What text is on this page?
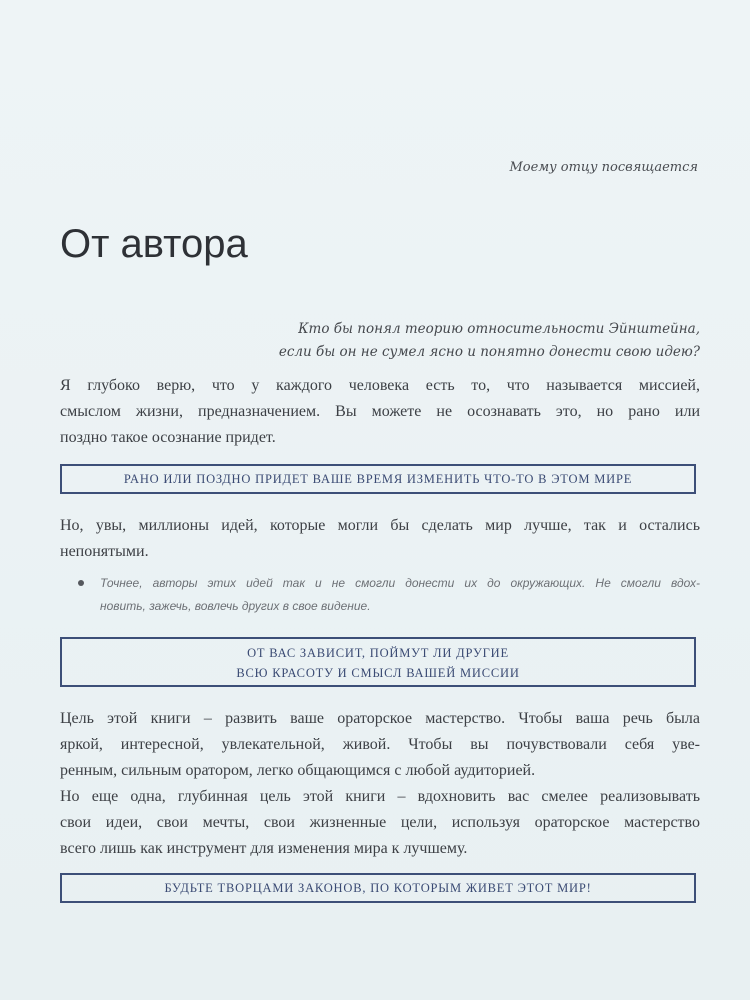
Моему отцу посвящается
От автора
Кто бы понял теорию относительности Эйнштейна,
если бы он не сумел ясно и понятно донести свою идею?

Я глубоко верю, что у каждого человека есть то, что называется миссией,
смыслом жизни, предназначением. Вы можете не осознавать это, но рано или
поздно такое осознание придет.

РАНО ИЛИ ПОЗДНО ПРИДЕТ ВАШЕ ВРЕМЯ ИЗМЕНИТЬ ЧТО-ТО В ЭТОМ МИРЕ

Но, увы, миллионы идей, которые могли бы сделать мир лучше, так и остались
непонятыми.

Точнее, авторы этих идей так и не смогли донести их до окружающих. Не смогли вдох-
новить, зажечь, вовлечь других в свое видение.
ОТ ВАС ЗАВИСИТ, ПОЙМУТ ЛИ ДРУГИЕ
ВСЮ КРАСОТУ И СМЫСЛ ВАШЕЙ МИССИИ

Цель этой книги – развить ваше ораторское мастерство. Чтобы ваша речь была
яркой, интересной, увлекательной, живой. Чтобы вы почувствовали себя уве-
ренным, сильным оратором, легко общающимся с любой аудиторией.

Но еще одна, глубинная цель этой книги – вдохновить вас смелее реализовывать
свои идеи, свои мечты, свои жизненные цели, используя ораторское мастерство
всего лишь как инструмент для изменения мира к лучшему.

БУДЬТЕ ТВОРЦАМИ ЗАКОНОВ, ПО КОТОРЫМ ЖИВЕТ ЭТОТ МИР!
